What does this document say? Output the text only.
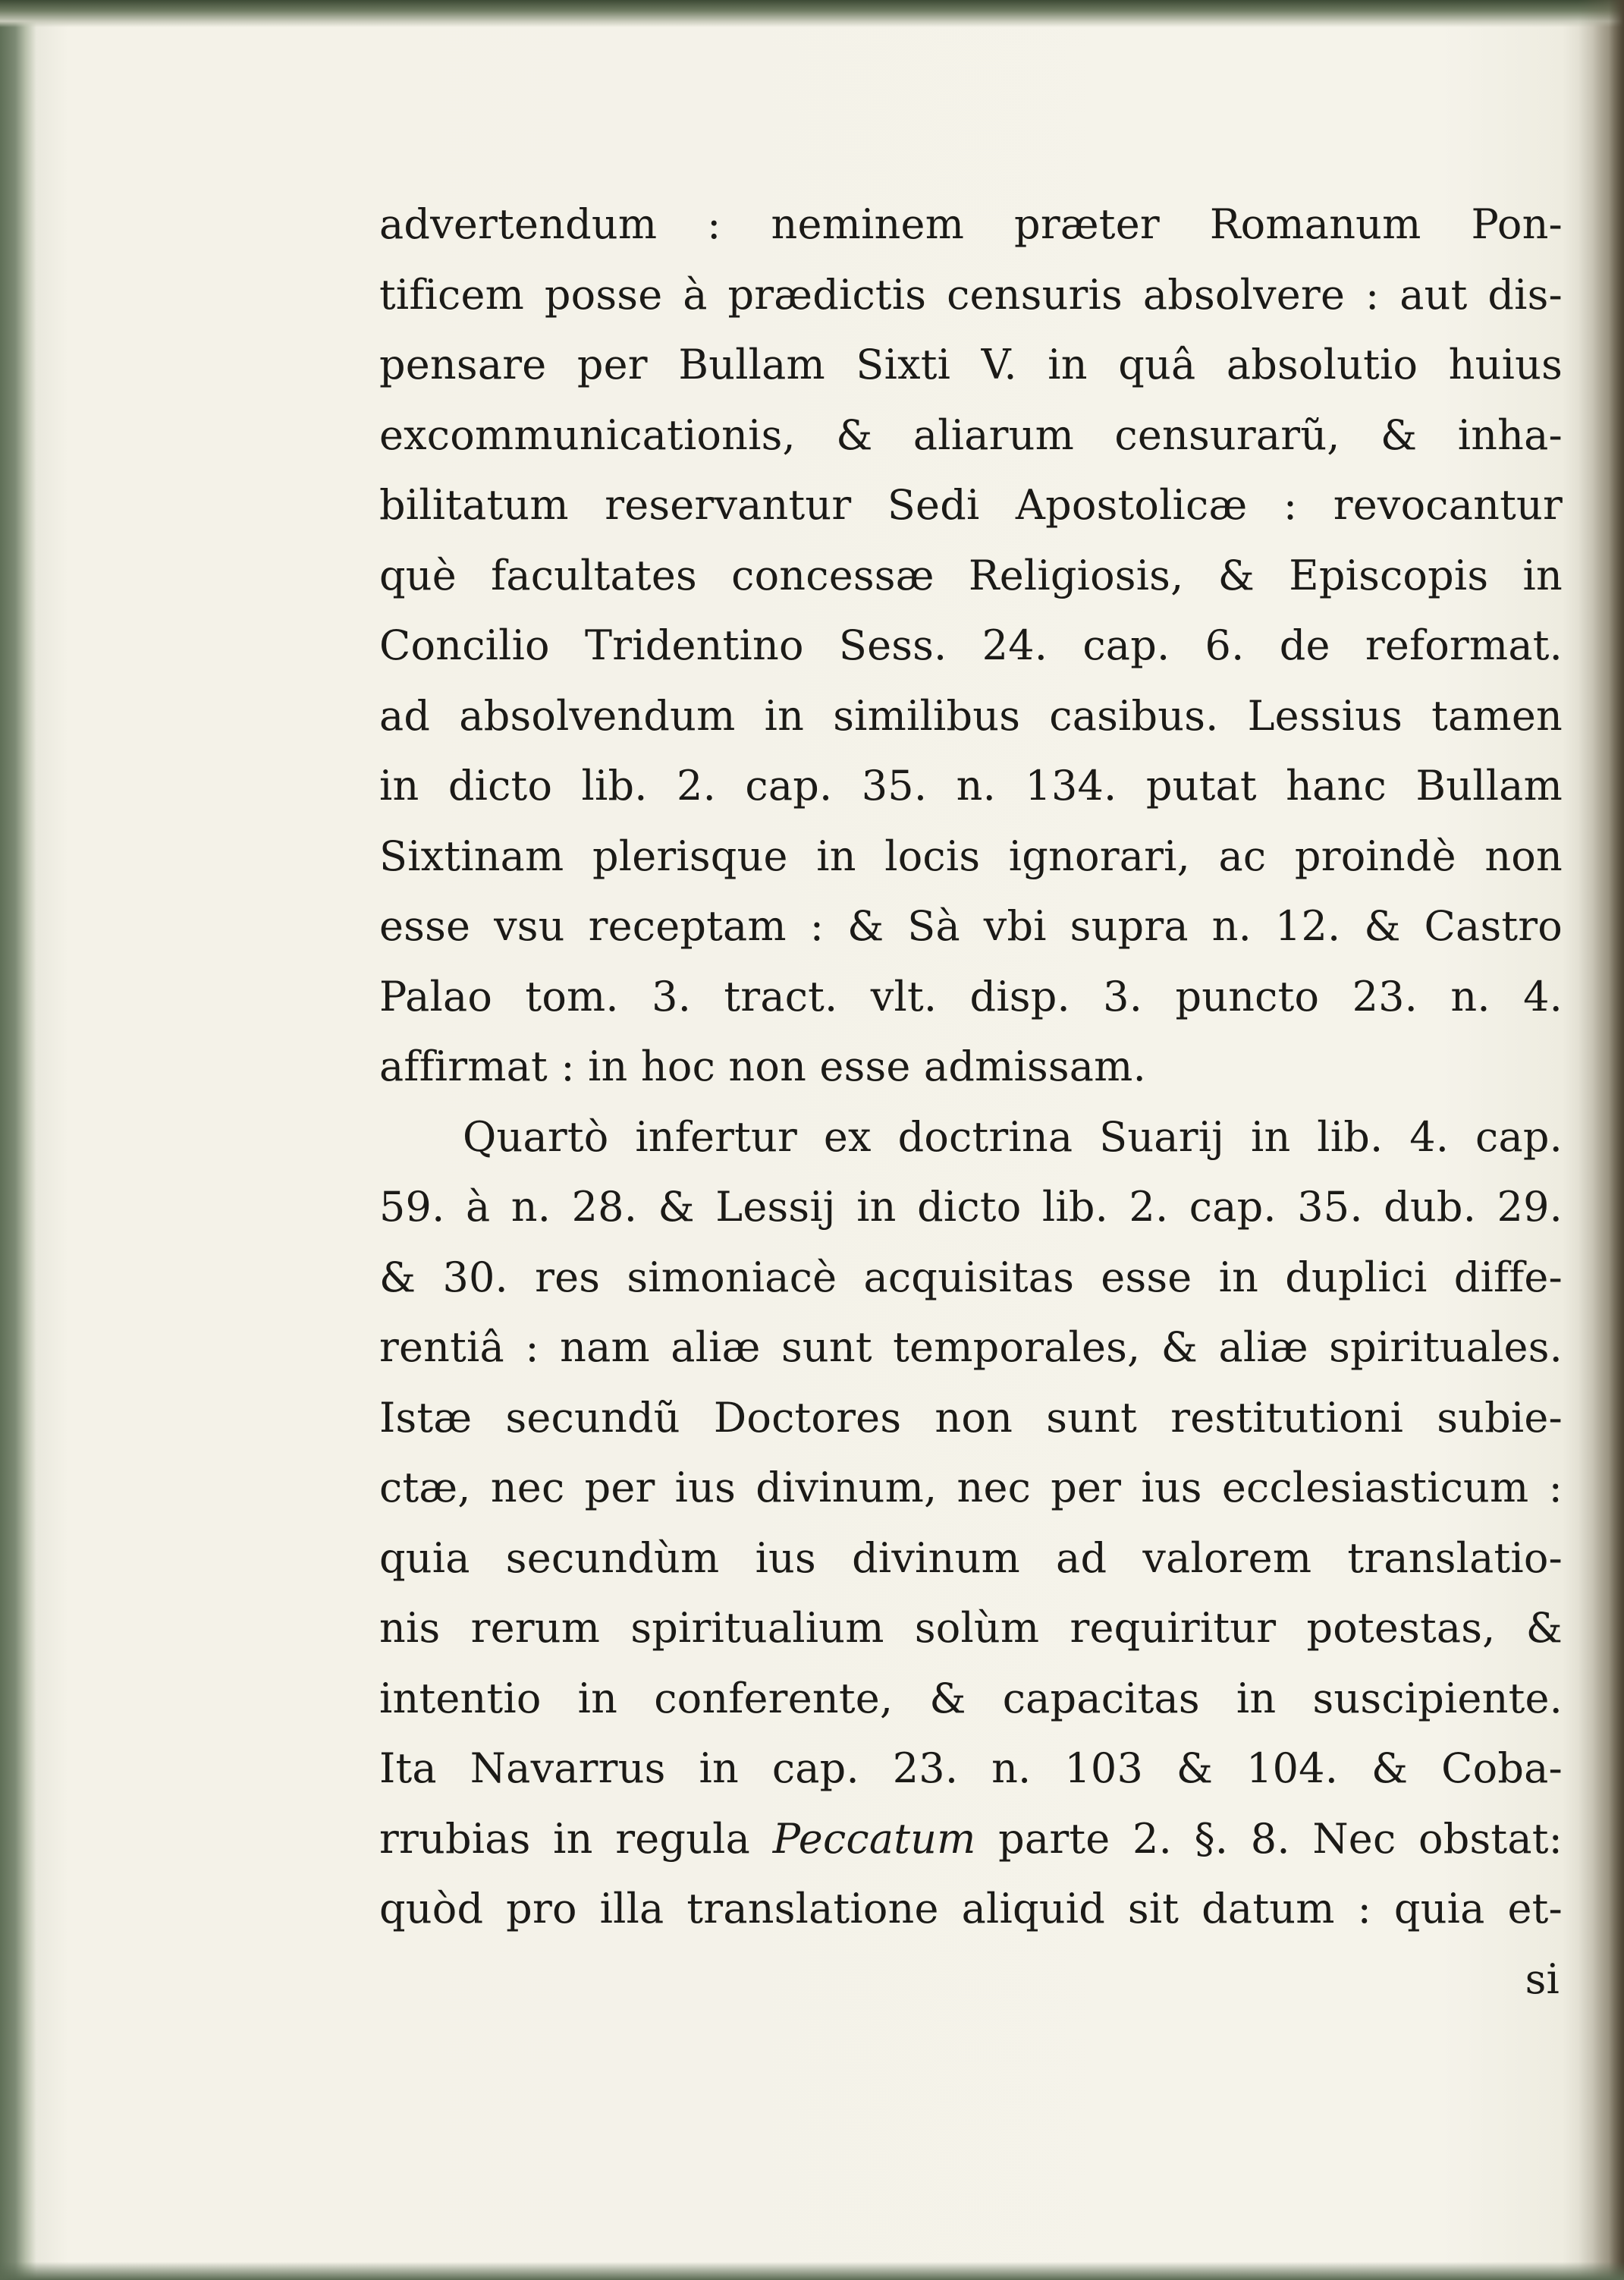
advertendum : neminem præter Romanum Pon-
tificem posse à prædictis censuris absolvere : aut dis-
pensare per Bullam Sixti V. in quâ absolutio huius
excommunicationis, & aliarum censurarũ, & inha-
bilitatum reservantur Sedi Apostolicæ : revocantur
què facultates concessæ Religiosis, & Episcopis in
Concilio Tridentino Sess. 24. cap. 6. de reformat.
ad absolvendum in similibus casibus. Lessius tamen
in dicto lib. 2. cap. 35. n. 134. putat hanc Bullam
Sixtinam plerisque in locis ignorari, ac proindè non
esse vsu receptam : & Sà vbi supra n. 12. & Castro
Palao tom. 3. tract. vlt. disp. 3. puncto 23. n. 4.
affirmat : in hoc non esse admissam.
Quartò infertur ex doctrina Suarij in lib. 4. cap.
59. à n. 28. & Lessij in dicto lib. 2. cap. 35. dub. 29.
& 30. res simoniacè acquisitas esse in duplici diffe-
rentiâ : nam aliæ sunt temporales, & aliæ spirituales.
Istæ secundũ Doctores non sunt restitutioni subie-
ctæ, nec per ius divinum, nec per ius ecclesiasticum :
quia secundùm ius divinum ad valorem translatio-
nis rerum spiritualium solùm requiritur potestas, &
intentio in conferente, & capacitas in suscipiente.
Ita Navarrus in cap. 23. n. 103 & 104. & Coba-
rrubias in regula Peccatum parte 2. §. 8. Nec obstat:
quòd pro illa translatione aliquid sit datum : quia et-
si
